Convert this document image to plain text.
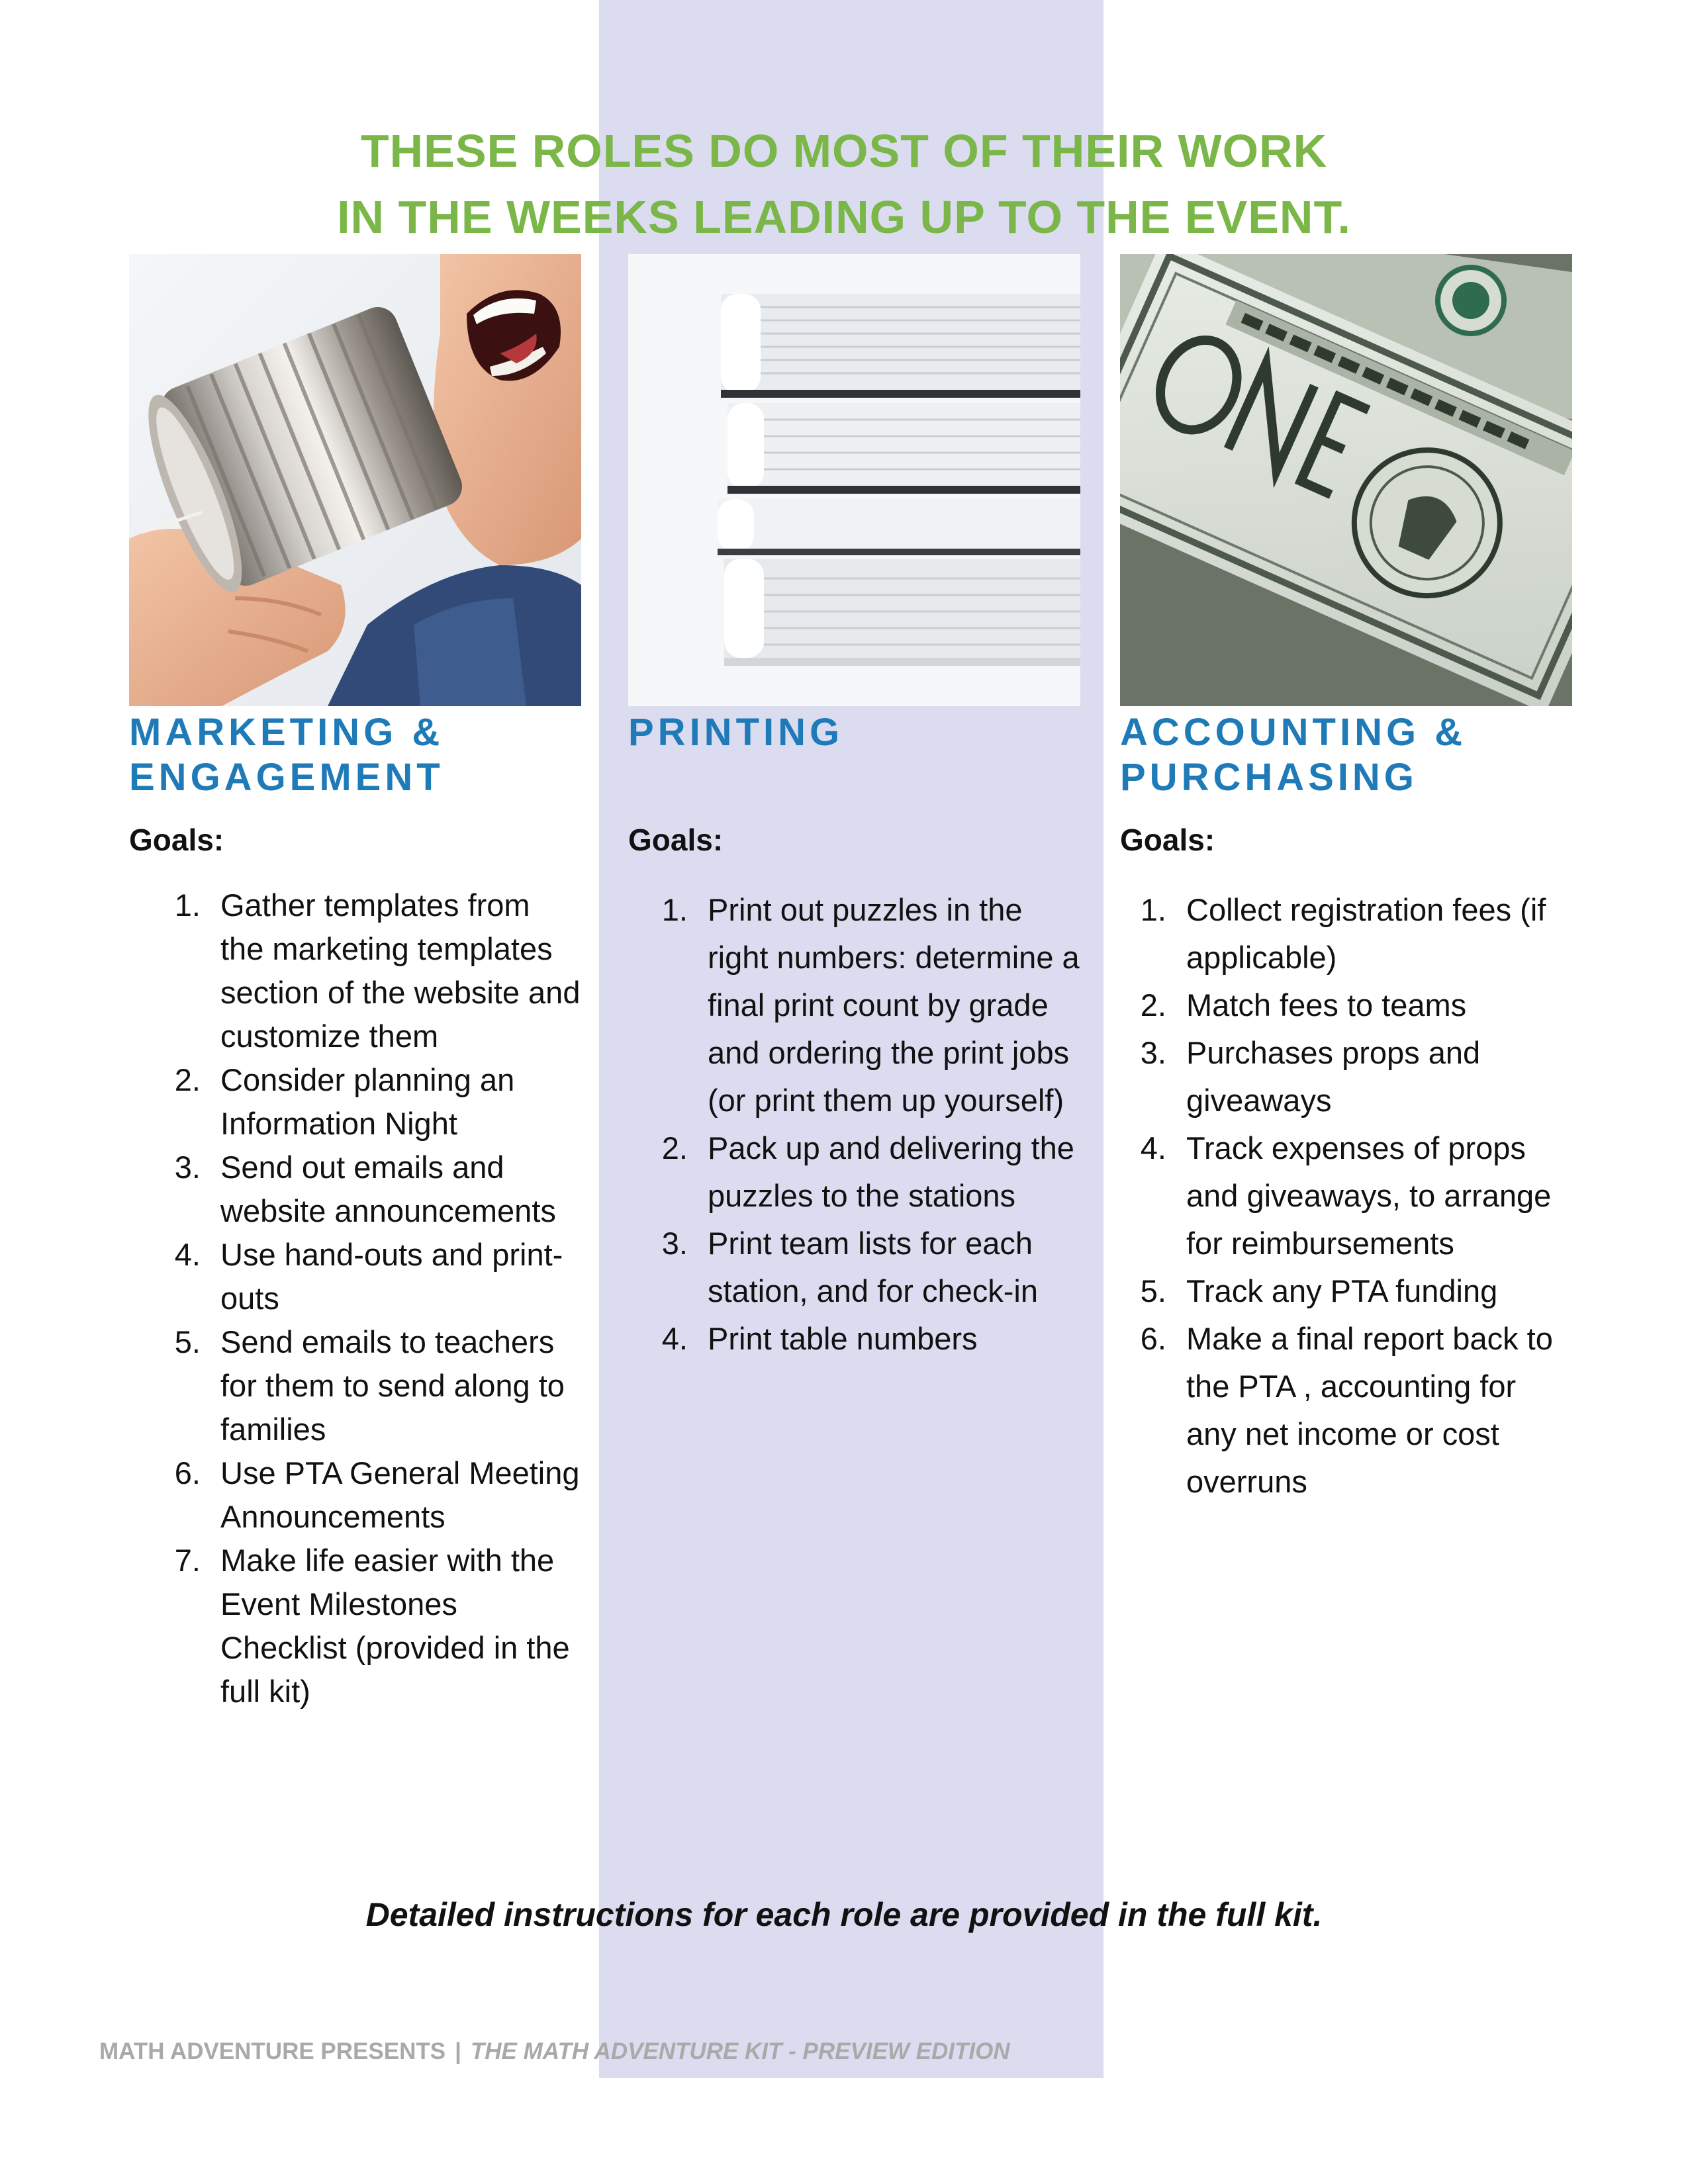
THESE ROLES DO MOST OF THEIR WORK
IN THE WEEKS LEADING UP TO THE EVENT.
MARKETING &
ENGAGEMENT
Goals:
1. Gather templates from the marketing templates section of the website and customize them
2. Consider planning an Information Night
3. Send out emails and website announcements
4. Use hand-outs and print-outs
5. Send emails to teachers for them to send along to families
6. Use PTA General Meeting Announcements
7. Make life easier with the Event Milestones Checklist (provided in the full kit)
PRINTING
Goals:
1. Print out puzzles in the right numbers: determine a final print count by grade and ordering the print jobs (or print them up yourself)
2. Pack up and delivering the puzzles to the stations
3. Print team lists for each station, and for check-in
4. Print table numbers
ACCOUNTING &
PURCHASING
Goals:
1. Collect registration fees (if applicable)
2. Match fees to teams
3. Purchases props and giveaways
4. Track expenses of props and giveaways, to arrange for reimbursements
5. Track any PTA funding
6. Make a final report back to the PTA , accounting for any net income or cost overruns
Detailed instructions for each role are provided in the full kit.
MATH ADVENTURE PRESENTS | THE MATH ADVENTURE KIT - PREVIEW EDITION
